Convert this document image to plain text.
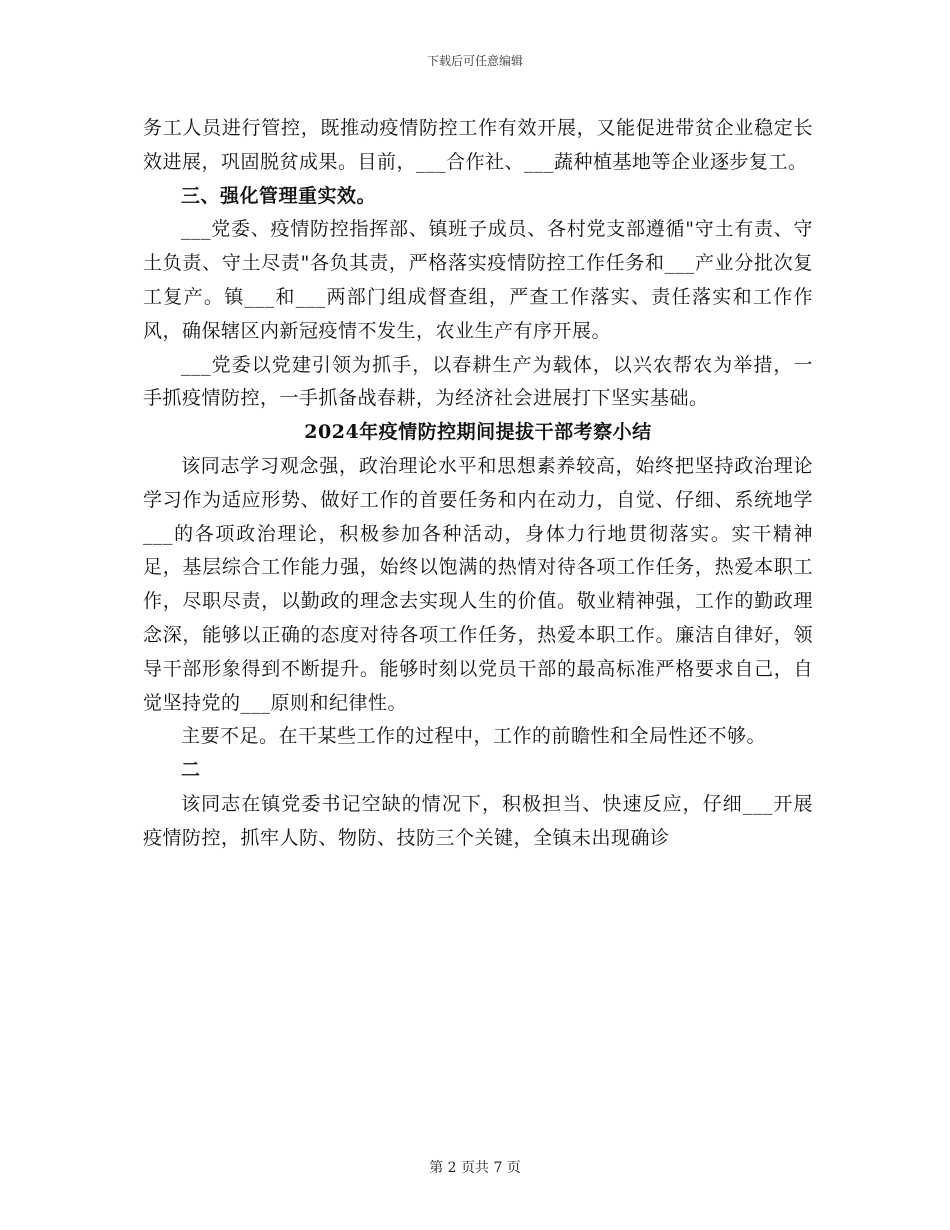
下载后可任意编辑

务工人员进行管控，既推动疫情防控工作有效开展，又能促进带贫企业稳定长效进展，巩固脱贫成果。目前，___合作社、___蔬种植基地等企业逐步复工。

三、强化管理重实效。

___党委、疫情防控指挥部、镇班子成员、各村党支部遵循"守土有责、守土负责、守土尽责"各负其责，严格落实疫情防控工作任务和___产业分批次复工复产。镇___和___两部门组成督查组，严查工作落实、责任落实和工作作风，确保辖区内新冠疫情不发生，农业生产有序开展。

___党委以党建引领为抓手，以春耕生产为载体，以兴农帮农为举措，一手抓疫情防控，一手抓备战春耕，为经济社会进展打下坚实基础。

2024年疫情防控期间提拔干部考察小结

该同志学习观念强，政治理论水平和思想素养较高，始终把坚持政治理论学习作为适应形势、做好工作的首要任务和内在动力，自觉、仔细、系统地学___的各项政治理论，积极参加各种活动，身体力行地贯彻落实。实干精神足，基层综合工作能力强，始终以饱满的热情对待各项工作任务，热爱本职工作，尽职尽责，以勤政的理念去实现人生的价值。敬业精神强，工作的勤政理念深，能够以正确的态度对待各项工作任务，热爱本职工作。廉洁自律好，领导干部形象得到不断提升。能够时刻以党员干部的最高标准严格要求自己，自觉坚持党的___原则和纪律性。

主要不足。在干某些工作的过程中，工作的前瞻性和全局性还不够。

二

该同志在镇党委书记空缺的情况下，积极担当、快速反应，仔细___开展疫情防控，抓牢人防、物防、技防三个关键，全镇未出现确诊

第 2 页共 7 页
